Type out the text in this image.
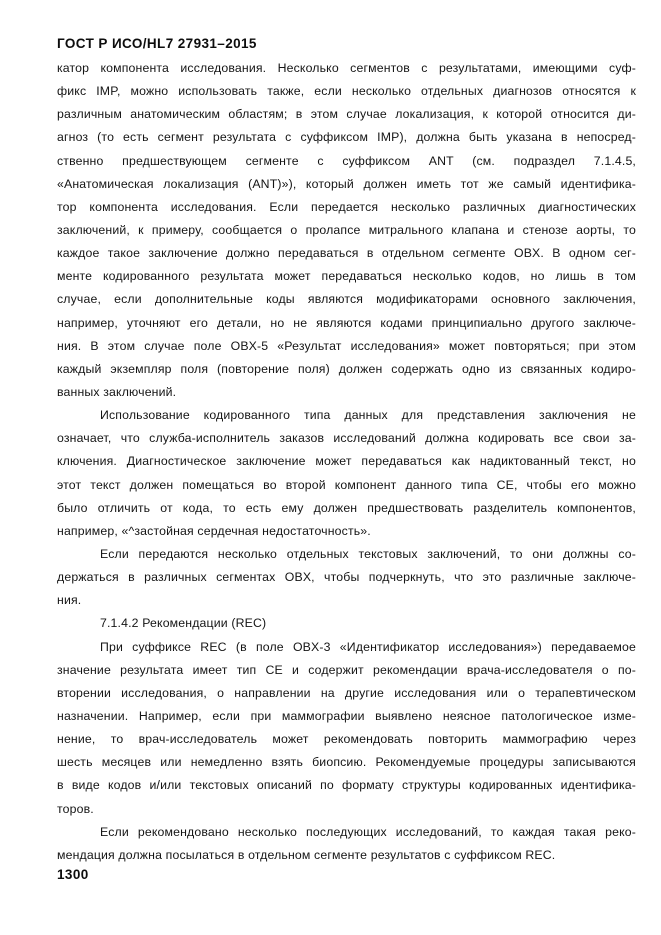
ГОСТ Р ИСО/HL7 27931–2015
катор компонента исследования. Несколько сегментов с результатами, имеющими суф-
фикс IMP, можно использовать также, если несколько отдельных диагнозов относятся к
различным анатомическим областям; в этом случае локализация, к которой относится ди-
агноз (то есть сегмент результата с суффиксом IMP), должна быть указана в непосред-
ственно предшествующем сегменте с суффиксом ANT (см. подраздел 7.1.4.5,
«Анатомическая локализация (ANT)»), который должен иметь тот же самый идентифика-
тор компонента исследования. Если передается несколько различных диагностических
заключений, к примеру, сообщается о пролапсе митрального клапана и стенозе аорты, то
каждое такое заключение должно передаваться в отдельном сегменте OBX. В одном сег-
менте кодированного результата может передаваться несколько кодов, но лишь в том
случае, если дополнительные коды являются модификаторами основного заключения,
например, уточняют его детали, но не являются кодами принципиально другого заключе-
ния. В этом случае поле OBX-5 «Результат исследования» может повторяться; при этом
каждый экземпляр поля (повторение поля) должен содержать одно из связанных кодиро-
ванных заключений.
Использование кодированного типа данных для представления заключения не
означает, что служба-исполнитель заказов исследований должна кодировать все свои за-
ключения. Диагностическое заключение может передаваться как надиктованный текст, но
этот текст должен помещаться во второй компонент данного типа CE, чтобы его можно
было отличить от кода, то есть ему должен предшествовать разделитель компонентов,
например, «^застойная сердечная недостаточность».
Если передаются несколько отдельных текстовых заключений, то они должны со-
держаться в различных сегментах OBX, чтобы подчеркнуть, что это различные заключе-
ния.
7.1.4.2 Рекомендации (REC)
При суффиксе REC (в поле OBX-3 «Идентификатор исследования») передаваемое
значение результата имеет тип CE и содержит рекомендации врача-исследователя о по-
вторении исследования, о направлении на другие исследования или о терапевтическом
назначении. Например, если при маммографии выявлено неясное патологическое изме-
нение, то врач-исследователь может рекомендовать повторить маммографию через
шесть месяцев или немедленно взять биопсию. Рекомендуемые процедуры записываются
в виде кодов и/или текстовых описаний по формату структуры кодированных идентифика-
торов.
Если рекомендовано несколько последующих исследований, то каждая такая реко-
мендация должна посылаться в отдельном сегменте результатов с суффиксом REC.
1300
